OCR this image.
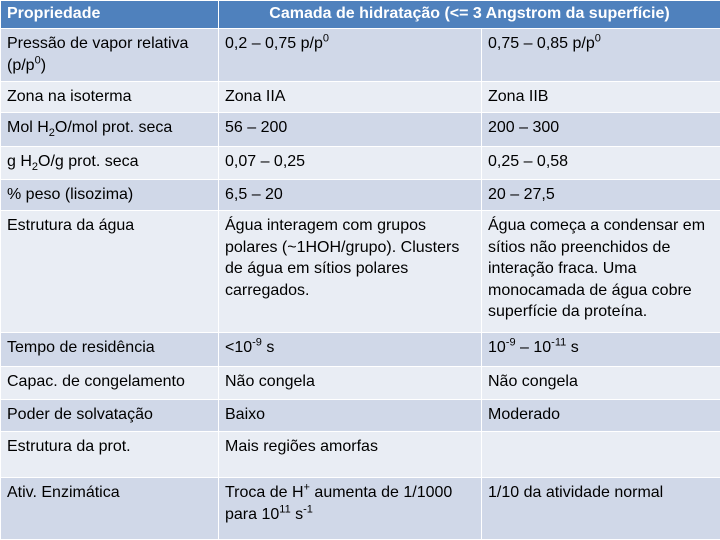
Propriedade	Camada de hidratação (<= 3 Angstrom da superfície)	
Pressão de vapor relativa $(p/p^0)$	0,2 – 0,75 $p/p^0$	0,75 – 0,85 $p/p^0$
Zona na isoterma	Zona IIA	Zona IIB
Mol $H_2O$/mol prot. seca	56 – 200	200 – 300
g $H_2O/g$ prot. seca	0,07 – 0,25	0,25 – 0,58
% peso (lisozima)	6,5 – 20	20 – 27,5
Estrutura da água	Água interagem com grupos polares (~1HOH/grupo). Clusters de água em sítios polares carregados.	Água começa a condensar em sítios não preenchidos de interação fraca. Uma monocamada de água cobre superfície da proteína.
Tempo de residência	$<10^{-9}$ s	$10^{-9} - 10^{-11}$ s
Capac. de congelamento	Não congela	Não congela
Poder de solvatação	Baixo	Moderado
Estrutura da prot.	Mais regiões amorfas	
Ativ. Enzimática	Troca de H+ aumenta de 1/1000 para $10^{11}$ $s^{-1}$	1/10 da atividade normal
